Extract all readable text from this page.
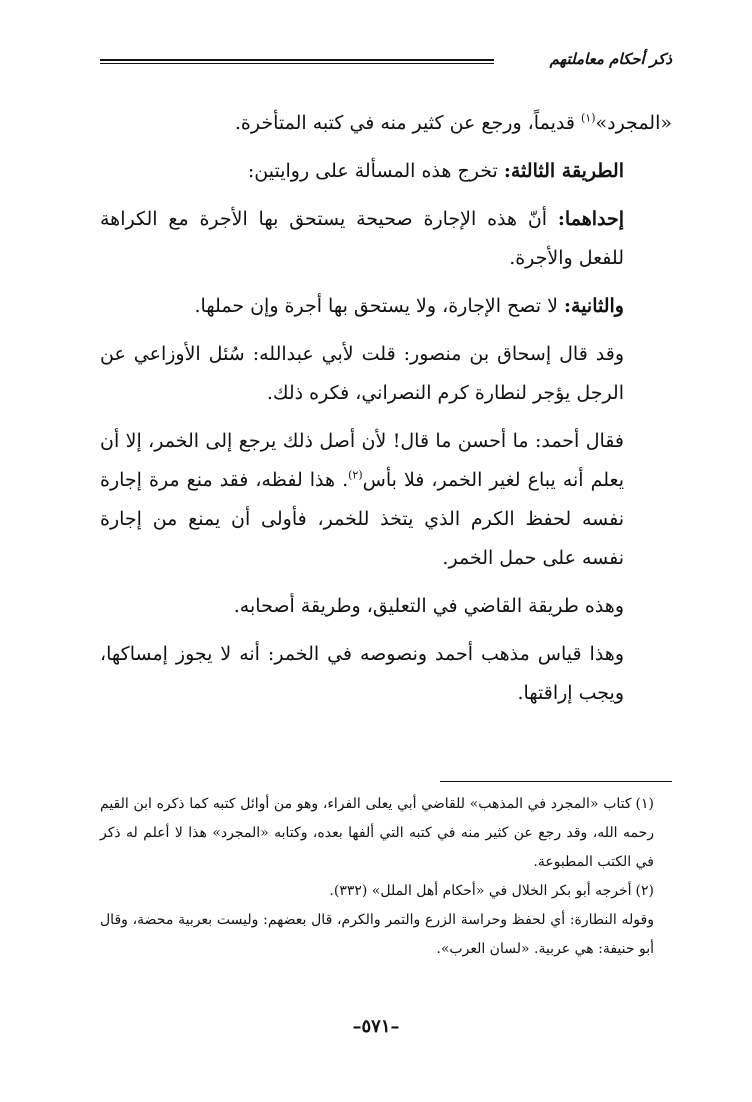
ذكر أحكام معاملتهم

«المجرد»$^{(١)}$ قديماً، ورجع عن كثير منه في كتبه المتأخرة.

الطريقة الثالثة: تخرج هذه المسألة على روايتين:

إحداهما: أنّ هذه الإجارة صحيحة يستحق بها الأجرة مع الكراهة للفعل والأجرة.

والثانية: لا تصح الإجارة، ولا يستحق بها أجرة وإن حملها.

وقد قال إسحاق بن منصور: قلت لأبي عبدالله: سُئل الأوزاعي عن الرجل يؤجر لنطارة كرم النصراني، فكره ذلك.

فقال أحمد: ما أحسن ما قال! لأن أصل ذلك يرجع إلى الخمر، إلا أن يعلم أنه يباع لغير الخمر، فلا بأس$^{(٢)}$. هذا لفظه، فقد منع مرة إجارة نفسه لحفظ الكرم الذي يتخذ للخمر، فأولى أن يمنع من إجارة نفسه على حمل الخمر.

وهذه طريقة القاضي في التعليق، وطريقة أصحابه.

وهذا قياس مذهب أحمد ونصوصه في الخمر: أنه لا يجوز إمساكها، ويجب إراقتها.

(١)كتاب «المجرد في المذهب» للقاضي أبي يعلى الفراء، وهو من أوائل كتبه كما ذكره ابن القيم رحمه الله، وقد رجع عن كثير منه في كتبه التي ألفها بعده، وكتابه «المجرد» هذا لا أعلم له ذكر في الكتب المطبوعة.

(٢)أخرجه أبو بكر الخلال في «أحكام أهل الملل» (٣٣٢).

وقوله النطارة: أي لحفظ وحراسة الزرع والتمر والكرم، قال بعضهم: وليست بعربية محضة، وقال أبو حنيفة: هي عربية. «لسان العرب».

–٥٧١–
